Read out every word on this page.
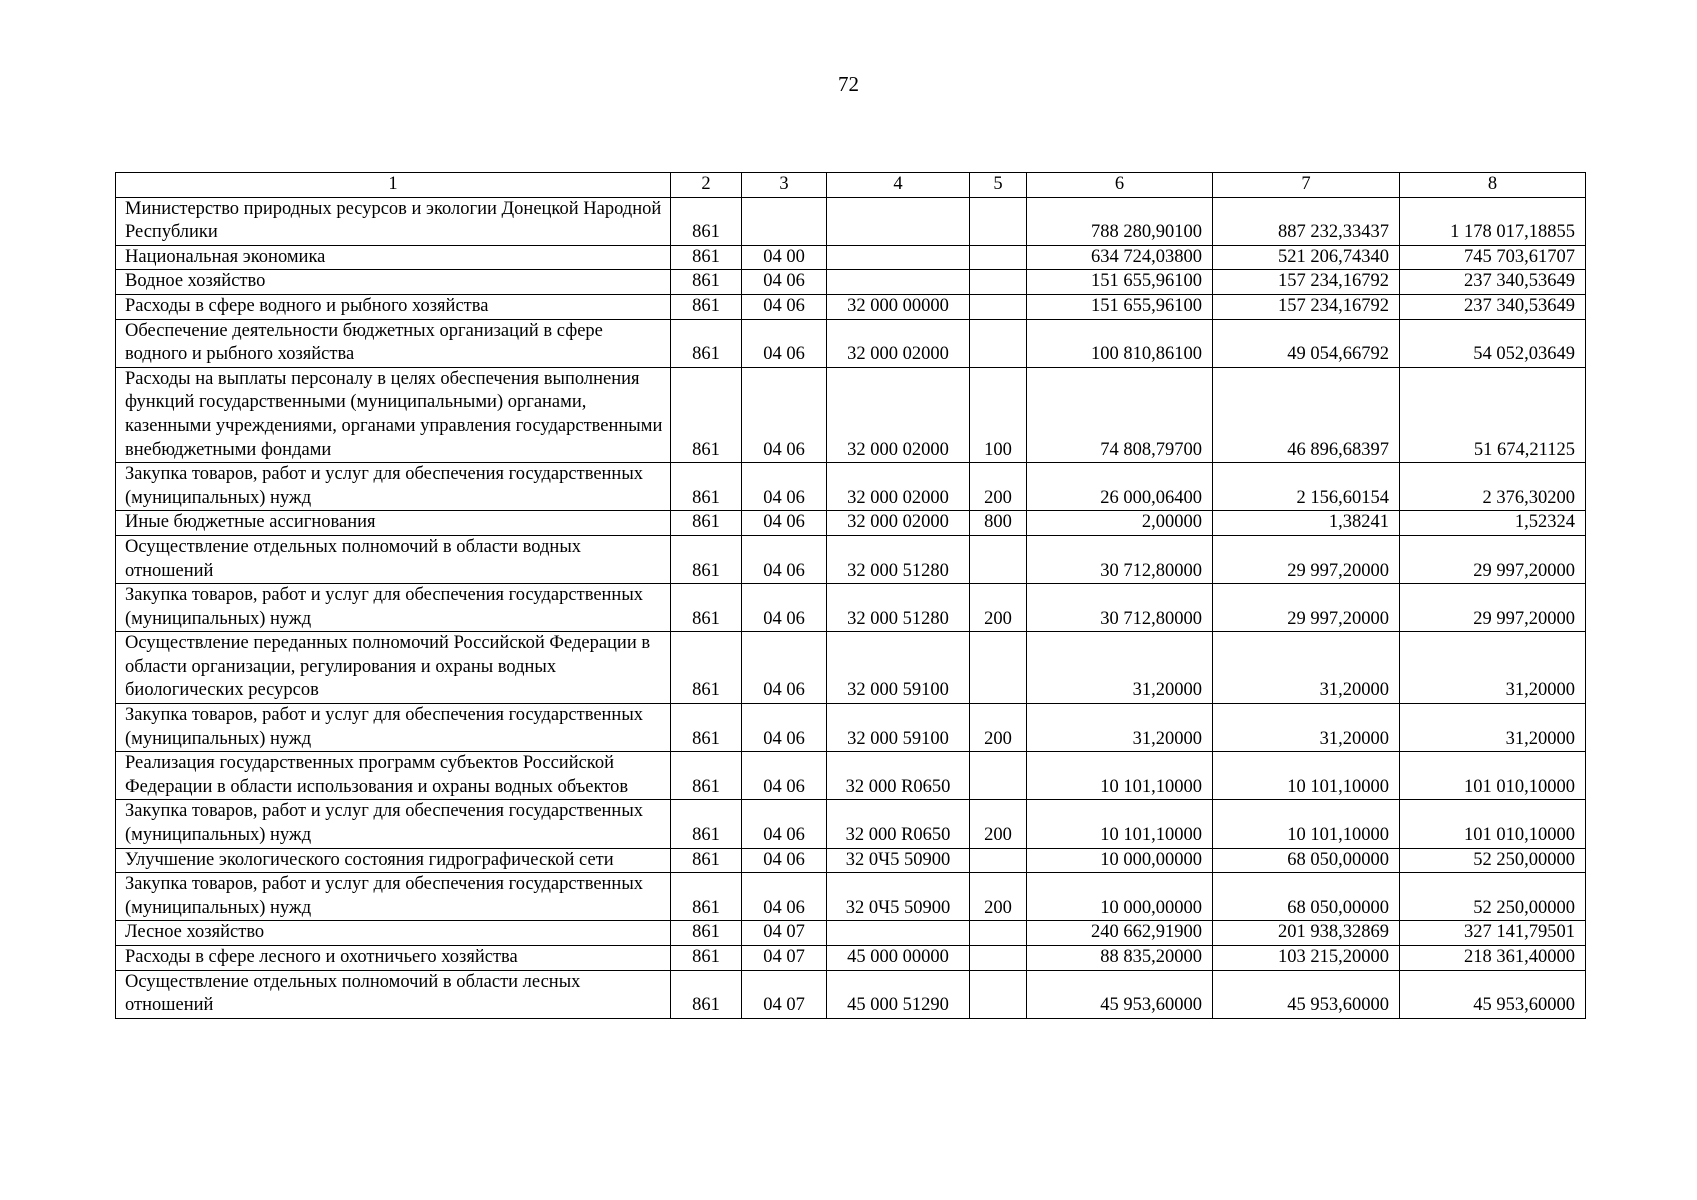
72
1	2	3	4	5	6	7	8
Министерство природных ресурсов и экологии Донецкой Народной Республики	861				788 280,90100	887 232,33437	1 178 017,18855
Национальная экономика	861	04 00			634 724,03800	521 206,74340	745 703,61707
Водное хозяйство	861	04 06			151 655,96100	157 234,16792	237 340,53649
Расходы в сфере водного и рыбного хозяйства	861	04 06	32 000 00000		151 655,96100	157 234,16792	237 340,53649
Обеспечение деятельности бюджетных организаций в сфере водного и рыбного хозяйства	861	04 06	32 000 02000		100 810,86100	49 054,66792	54 052,03649
Расходы на выплаты персоналу в целях обеспечения выполнения функций государственными (муниципальными) органами, казенными учреждениями, органами управления государственными внебюджетными фондами	861	04 06	32 000 02000	100	74 808,79700	46 896,68397	51 674,21125
Закупка товаров, работ и услуг для обеспечения государственных (муниципальных) нужд	861	04 06	32 000 02000	200	26 000,06400	2 156,60154	2 376,30200
Иные бюджетные ассигнования	861	04 06	32 000 02000	800	2,00000	1,38241	1,52324
Осуществление отдельных полномочий в области водных отношений	861	04 06	32 000 51280		30 712,80000	29 997,20000	29 997,20000
Закупка товаров, работ и услуг для обеспечения государственных (муниципальных) нужд	861	04 06	32 000 51280	200	30 712,80000	29 997,20000	29 997,20000
Осуществление переданных полномочий Российской Федерации в области организации, регулирования и охраны водных биологических ресурсов	861	04 06	32 000 59100		31,20000	31,20000	31,20000
Закупка товаров, работ и услуг для обеспечения государственных (муниципальных) нужд	861	04 06	32 000 59100	200	31,20000	31,20000	31,20000
Реализация государственных программ субъектов Российской Федерации в области использования и охраны водных объектов	861	04 06	32 000 R0650		10 101,10000	10 101,10000	101 010,10000
Закупка товаров, работ и услуг для обеспечения государственных (муниципальных) нужд	861	04 06	32 000 R0650	200	10 101,10000	10 101,10000	101 010,10000
Улучшение экологического состояния гидрографической сети	861	04 06	32 0Ч5 50900		10 000,00000	68 050,00000	52 250,00000
Закупка товаров, работ и услуг для обеспечения государственных (муниципальных) нужд	861	04 06	32 0Ч5 50900	200	10 000,00000	68 050,00000	52 250,00000
Лесное хозяйство	861	04 07			240 662,91900	201 938,32869	327 141,79501
Расходы в сфере лесного и охотничьего хозяйства	861	04 07	45 000 00000		88 835,20000	103 215,20000	218 361,40000
Осуществление отдельных полномочий в области лесных отношений	861	04 07	45 000 51290		45 953,60000	45 953,60000	45 953,60000
